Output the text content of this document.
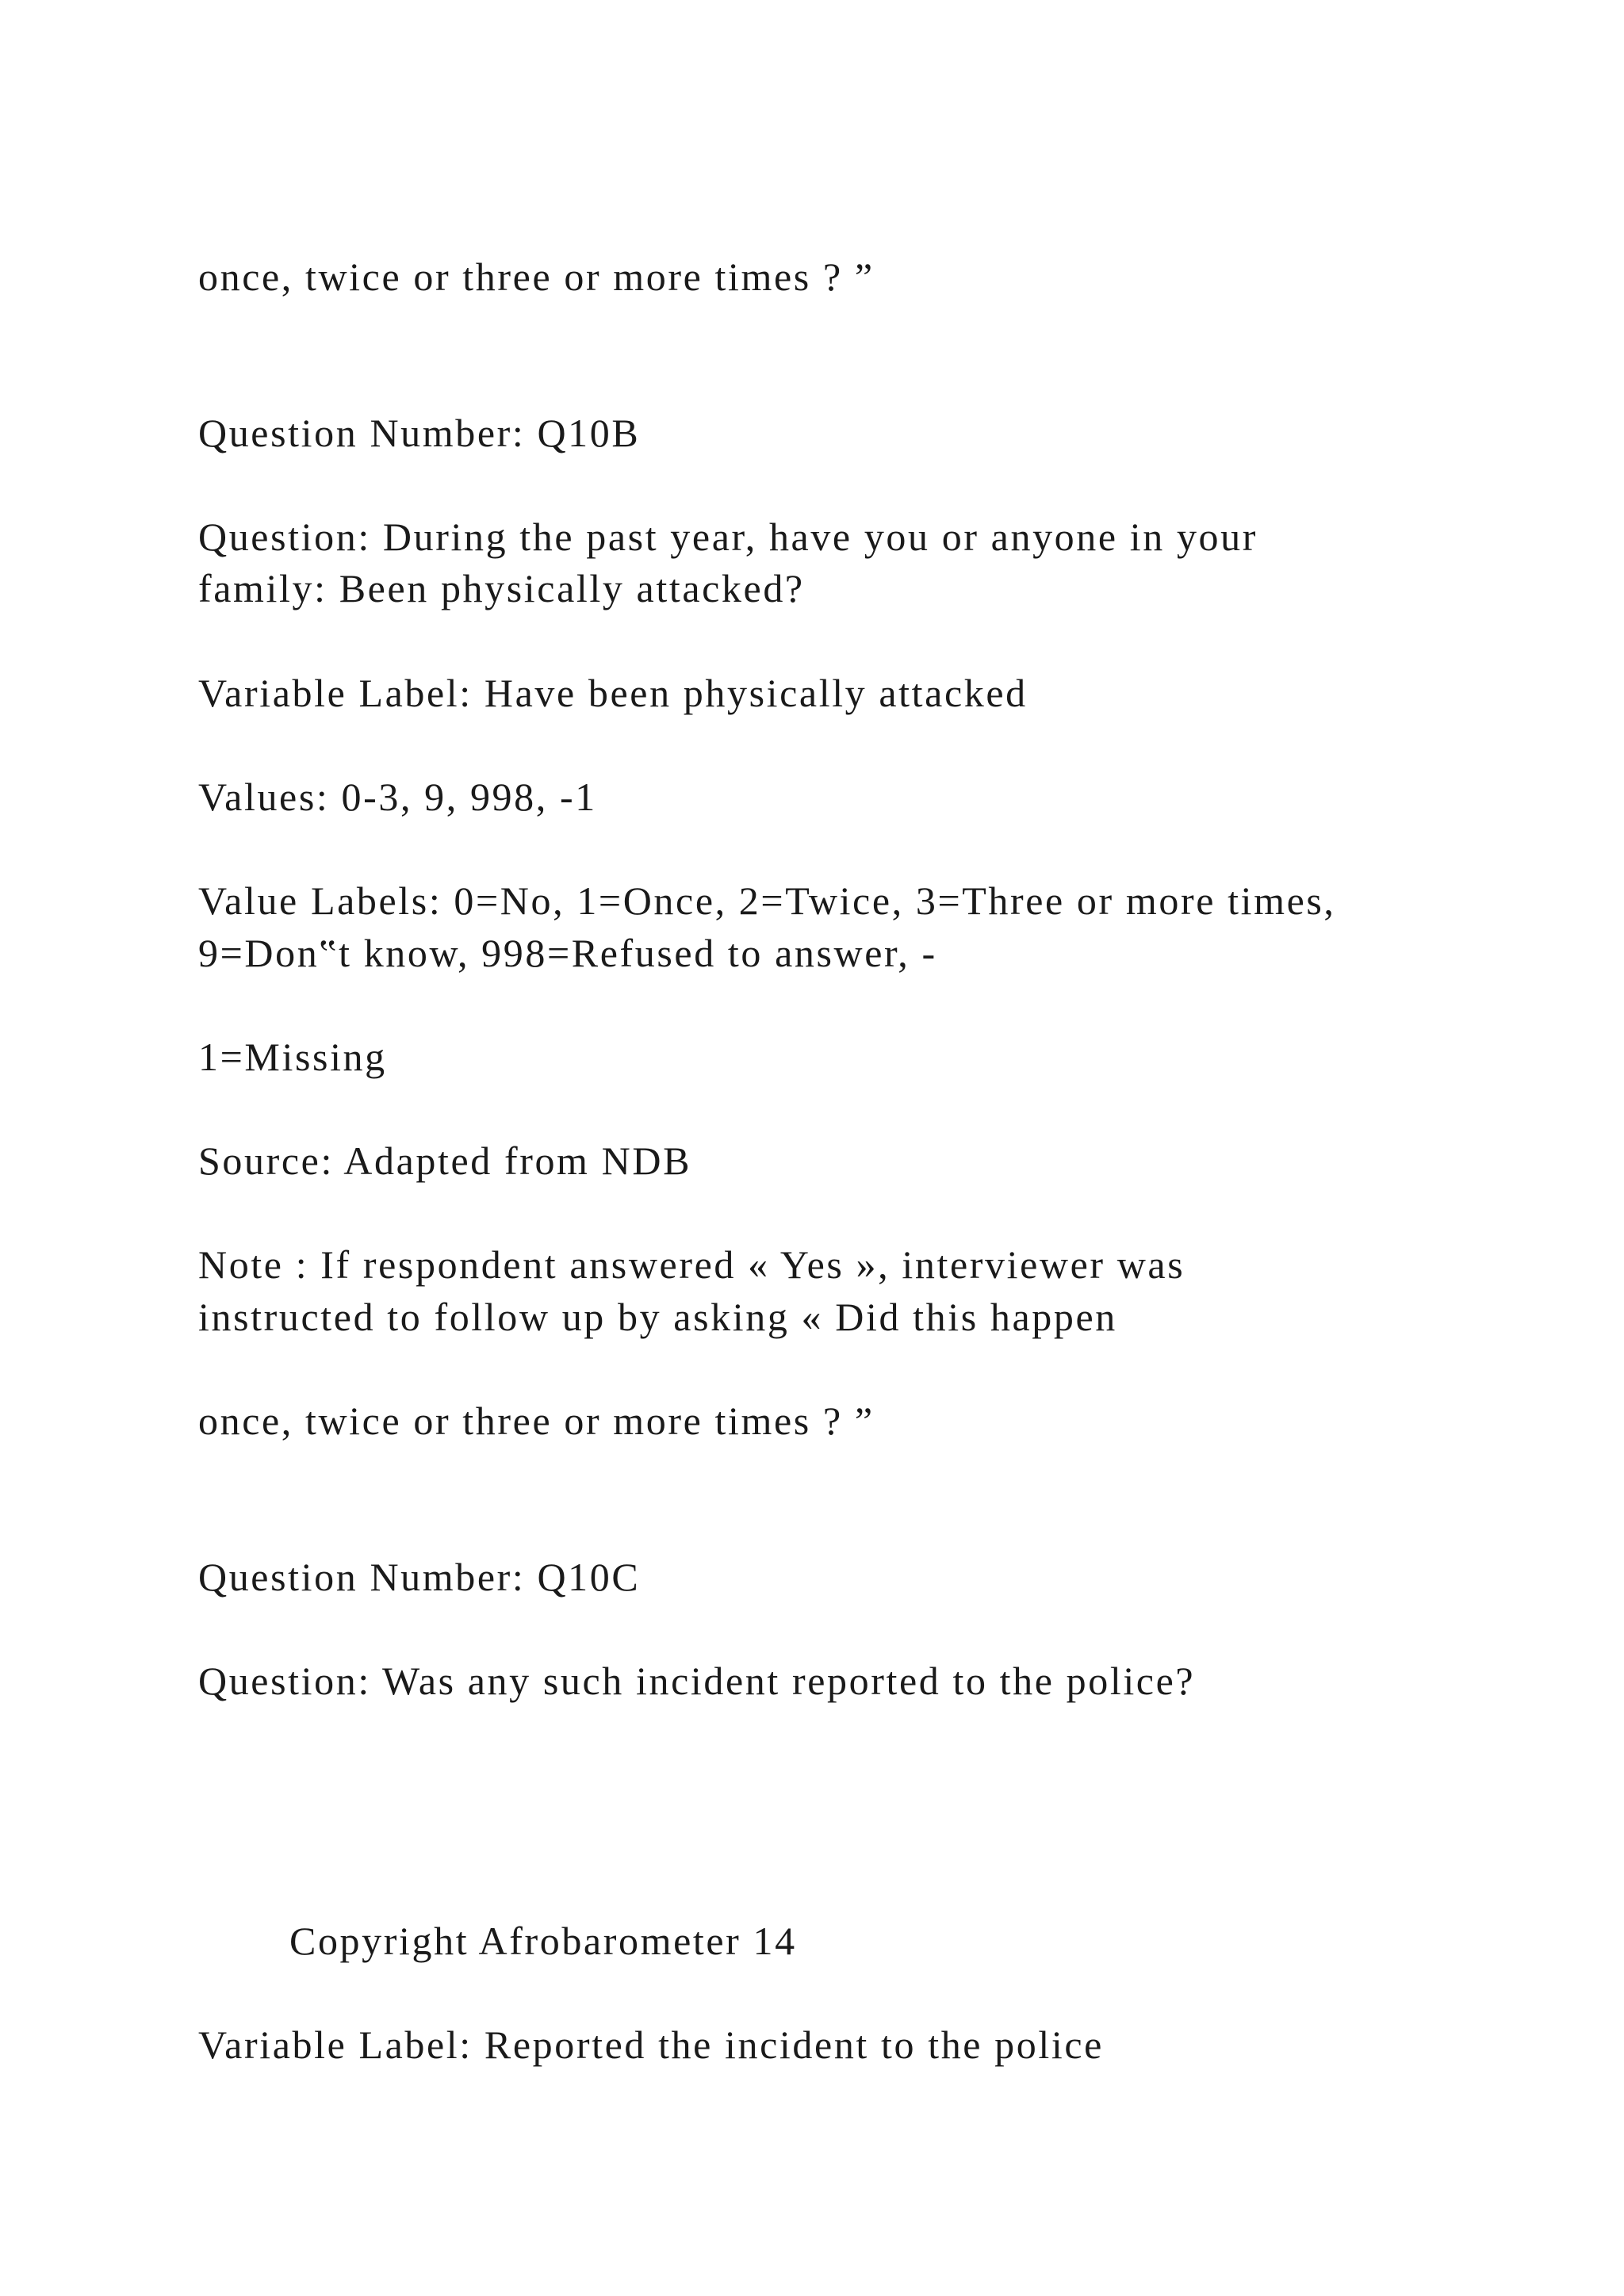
once, twice or three or more times ? ”
Question Number: Q10B
Question: During the past year, have you or anyone in your
family: Been physically attacked?
Variable Label: Have been physically attacked
Values: 0-3, 9, 998, -1
Value Labels: 0=No, 1=Once, 2=Twice, 3=Three or more times,
9=Don‟t know, 998=Refused to answer, -
1=Missing
Source: Adapted from NDB
Note : If respondent answered « Yes », interviewer was
instructed to follow up by asking « Did this happen
once, twice or three or more times ? ”
Question Number: Q10C
Question: Was any such incident reported to the police?
Copyright Afrobarometer 14
Variable Label: Reported the incident to the police
